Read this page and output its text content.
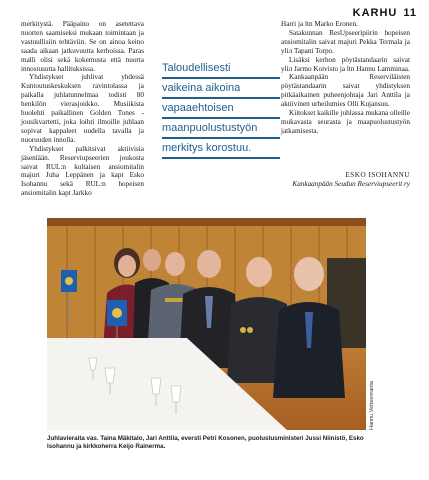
KARHU 11

merkitystä. Pääpaino on asetettava nuorten saamiseksi mukaan toimintaan ja vastuullisiin tehtäviin. Se on ainoa keino saada aikaan jatkuvuutta kerhoissa. Paras malli olisi sekä kokemusta että nuorta innostusutta hallituksissa.

Yhdistykset juhlivat yhdessä Kuntoutuskeskuksen ravintolassa ja paikalla juhlatunnelmaa todisti 80 henkilön vierasjoukko. Musiikista huolehti paikallinen Golden Tones -jousikvartetti, joka loihti ilmoille juhlaan sopivat kappaleet uudella tavalla ja nuoruuden innolla.

Yhdistykset palkitsivat aktiivisia jäseniään. Reserviupseerien joukosta saivat RUL:n kultaisen ansiomitalin majuri Juha Leppänen ja kapt Esko Isohannu sekä RUL:n hopeisen ansiomitalin kapt Jarkko

Taloudellisesti
vaikeina aikoina
vapaaehtoisen
maanpuolustustyön
merkitys korostuu.

Harri ja ltn Marko Eronen.

Satakunnan ResUpseeripiirin hopeisen ansiomitalin saivat majuri Pekka Termala ja yliл Tapani Torpo.

Lisäksi kerhon pöytästandaarin saivat yliл Jarmo Koivisto ja ltn Hannu Lamminaa.

Kankaanpään Reserviläisten pöytästandaarin saivat yhdistyksen pitkäaikainen puheenjohtaja Jari Anttila ja aktiivinen urheilumies Olli Kujansuu.

Kiitokset kaikille juhlassa mukana olleille mukavasta seurasta ja maapuolustustyön jatkamisesta.

ESKO ISOHANNU
Kankaanpään Seudun Reserviupseerit ry
Hannu Vetteenranta
Juhlavieraita vas. Taina Mäkitalo, Jari Anttila, eversti Petri Kosonen, puolustusministeri Jussi Niinistö, Esko Isohannu ja kirkkoherra Keijo Rainerma.
